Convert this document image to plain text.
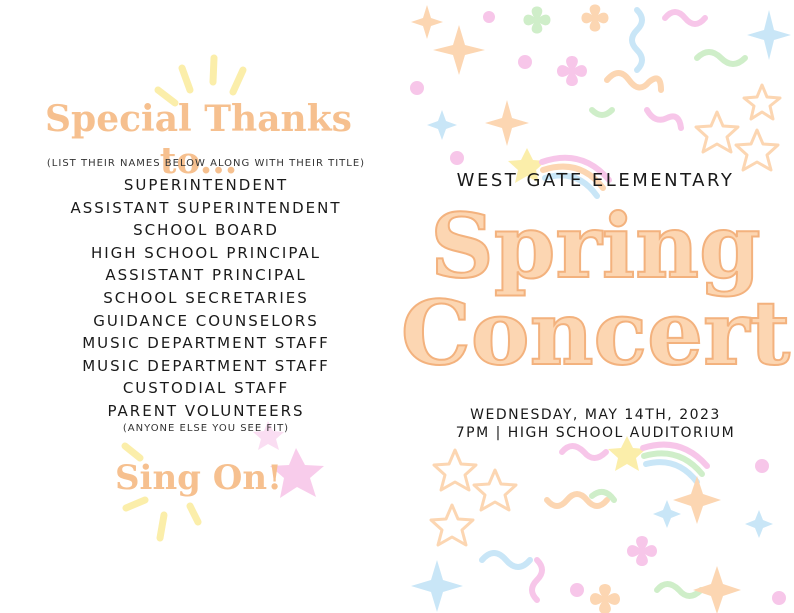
Special Thanks to...
(LIST THEIR NAMES BELOW ALONG WITH THEIR TITLE)
SUPERINTENDENT
ASSISTANT SUPERINTENDENT
SCHOOL BOARD
HIGH SCHOOL PRINCIPAL
ASSISTANT PRINCIPAL
SCHOOL SECRETARIES
GUIDANCE COUNSELORS
MUSIC DEPARTMENT STAFF
MUSIC DEPARTMENT STAFF
CUSTODIAL STAFF
PARENT VOLUNTEERS
(ANYONE ELSE YOU SEE FIT)
Sing On!
WEST GATE ELEMENTARY
Spring
Concert
WEDNESDAY, MAY 14TH, 2023
7PM | HIGH SCHOOL AUDITORIUM
